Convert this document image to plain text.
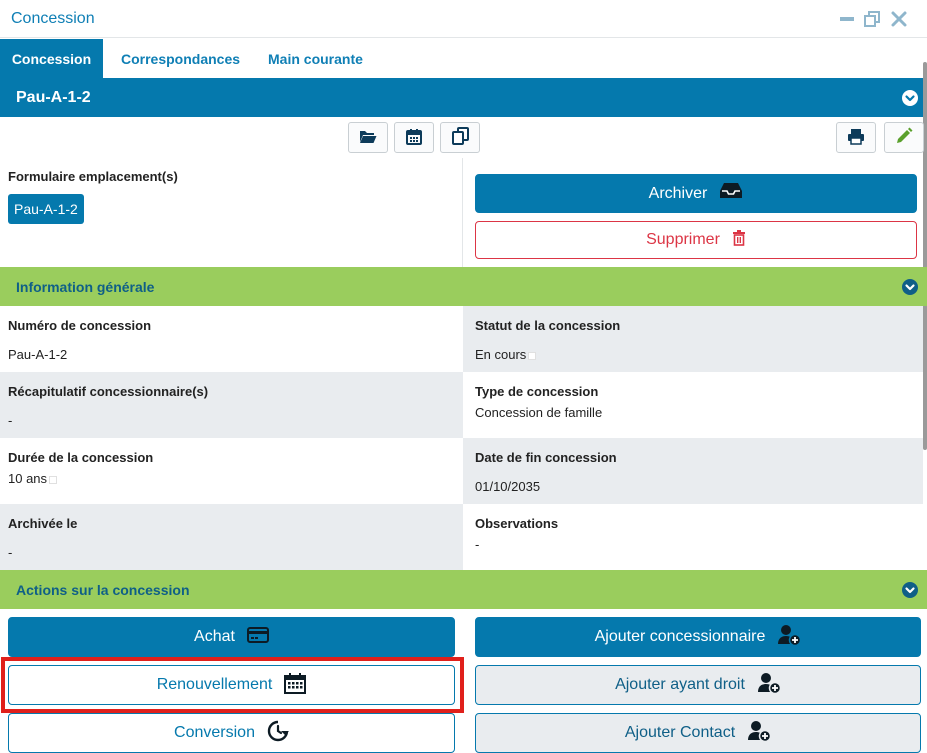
Concession
Concession	Correspondances Main courante
Pau-A-1-2
Formulaire emplacement(s)
Pau-A-1-2
Archiver
Supprimer
Information générale
Numéro de concession
Pau-A-1-2
Statut de la concession
En cours
Récapitulatif concessionnaire(s)
-
Type de concession
Concession de famille
Durée de la concession
10 ans
Date de fin concession
01/10/2035
Archivée le
-
Observations
-
Actions sur la concession
Achat	Ajouter concessionnaire
Renouvellement	Ajouter ayant droit
Conversion	Ajouter Contact
